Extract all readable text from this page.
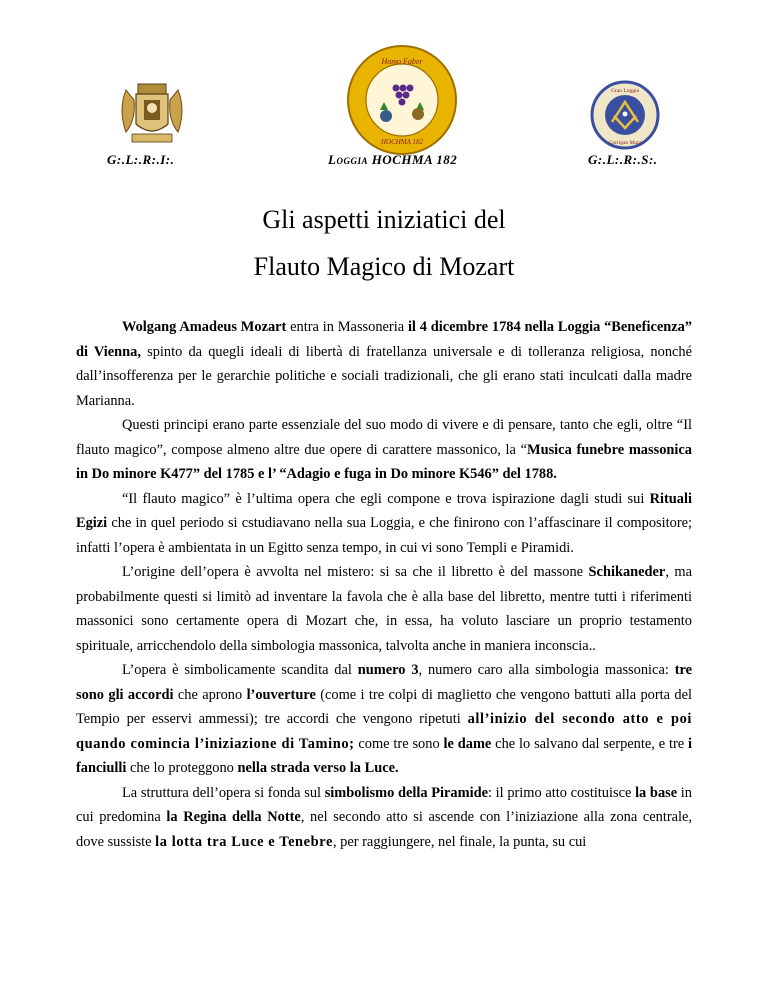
Homo Faber
HOCHMA 182
Gran Loggia
Corrigan Mura
G:.L:.R:.I:.	Loggia HOCHMA 182	G:.L:.R:.S:.
Gli aspetti iniziatici del
Flauto Magico di Mozart

Wolgang Amadeus Mozart entra in Massoneria il 4 dicembre 1784 nella Loggia “Beneficenza” di Vienna, spinto da quegli ideali di libertà di fratellanza universale e di tolleranza religiosa, nonché dall’insofferenza per le gerarchie politiche e sociali tradizionali, che gli erano stati inculcati dalla madre Marianna.

Questi principi erano parte essenziale del suo modo di vivere e di pensare, tanto che egli, oltre “Il flauto magico”, compose almeno altre due opere di carattere massonico, la “Musica funebre massonica in Do minore K477” del 1785 e l’ “Adagio e fuga in Do minore K546” del 1788.

“Il flauto magico” è l’ultima opera che egli compone e trova ispirazione dagli studi sui Rituali Egizi che in quel periodo si cstudiavano nella sua Loggia, e che finirono con l’affascinare il compositore; infatti l’opera è ambientata in un Egitto senza tempo, in cui vi sono Templi e Piramidi.

L’origine dell’opera è avvolta nel mistero: si sa che il libretto è del massone Schikaneder, ma probabilmente questi si limitò ad inventare la favola che è alla base del libretto, mentre tutti i riferimenti massonici sono certamente opera di Mozart che, in essa, ha voluto lasciare un proprio testamento spirituale, arricchendolo della simbologia massonica, talvolta anche in maniera inconscia..

L’opera è simbolicamente scandita dal numero 3, numero caro alla simbologia massonica: tre sono gli accordi che aprono l’ouverture (come i tre colpi di maglietto che vengono battuti alla porta del Tempio per esservi ammessi); tre accordi che vengono ripetuti all’inizio del secondo atto e poi quando comincia l’iniziazione di Tamino; come tre sono le dame che lo salvano dal serpente, e tre i fanciulli che lo proteggono nella strada verso la Luce.

La struttura dell’opera si fonda sul simbolismo della Piramide: il primo atto costituisce la base in cui predomina la Regina della Notte, nel secondo atto si ascende con l’iniziazione alla zona centrale, dove sussiste la lotta tra Luce e Tenebre, per raggiungere, nel finale, la punta, su cui
